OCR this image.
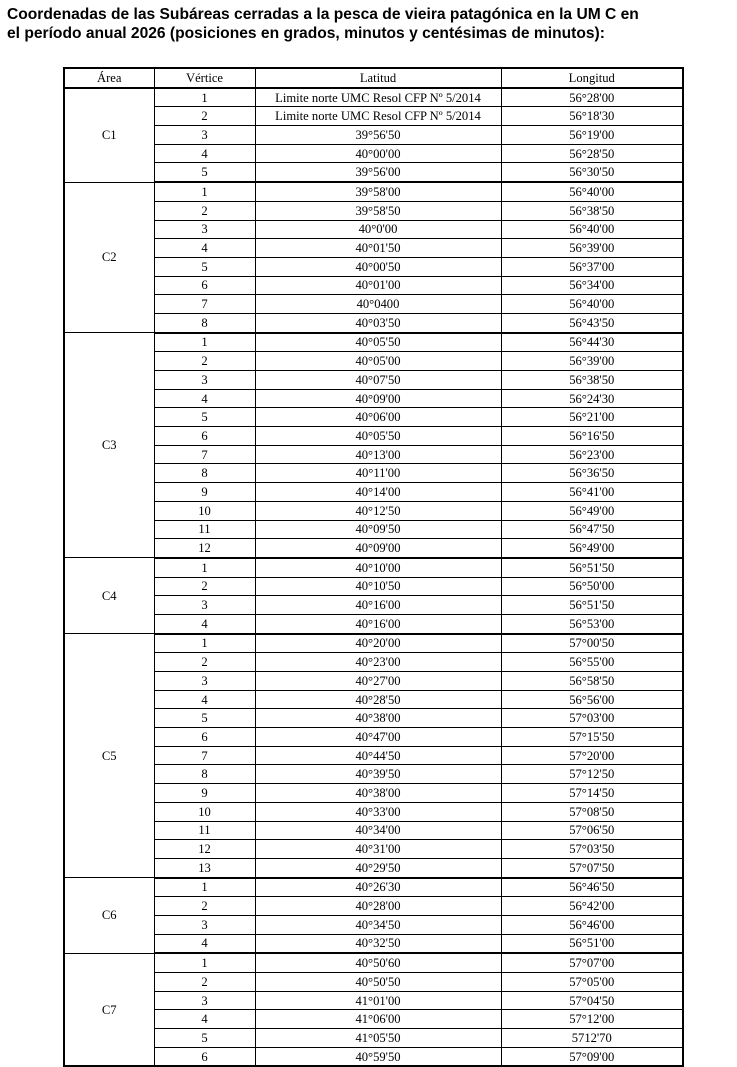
Coordenadas de las Subáreas cerradas a la pesca de vieira patagónica en la UM C en
el período anual 2026 (posiciones en grados, minutos y centésimas de minutos):
Área	Vértice	Latitud	Longitud
C1	1	Limite norte UMC Resol CFP Nº 5/2014	56°28'00
	2	Limite norte UMC Resol CFP Nº 5/2014	56°18'30
	3	39°56'50	56°19'00
	4	40°00'00	56°28'50
	5	39°56'00	56°30'50
C2	1	39°58'00	56°40'00
	2	39°58'50	56°38'50
	3	40°0'00	56°40'00
	4	40°01'50	56°39'00
	5	40°00'50	56°37'00
	6	40°01'00	56°34'00
	7	40°0400	56°40'00
	8	40°03'50	56°43'50
C3	1	40°05'50	56°44'30
	2	40°05'00	56°39'00
	3	40°07'50	56°38'50
	4	40°09'00	56°24'30
	5	40°06'00	56°21'00
	6	40°05'50	56°16'50
	7	40°13'00	56°23'00
	8	40°11'00	56°36'50
	9	40°14'00	56°41'00
	10	40°12'50	56°49'00
	11	40°09'50	56°47'50
	12	40°09'00	56°49'00
C4	1	40°10'00	56°51'50
	2	40°10'50	56°50'00
	3	40°16'00	56°51'50
	4	40°16'00	56°53'00
C5	1	40°20'00	57°00'50
	2	40°23'00	56°55'00
	3	40°27'00	56°58'50
	4	40°28'50	56°56'00
	5	40°38'00	57°03'00
	6	40°47'00	57°15'50
	7	40°44'50	57°20'00
	8	40°39'50	57°12'50
	9	40°38'00	57°14'50
	10	40°33'00	57°08'50
	11	40°34'00	57°06'50
	12	40°31'00	57°03'50
	13	40°29'50	57°07'50
C6	1	40°26'30	56°46'50
	2	40°28'00	56°42'00
	3	40°34'50	56°46'00
	4	40°32'50	56°51'00
C7	1	40°50'60	57°07'00
	2	40°50'50	57°05'00
	3	41°01'00	57°04'50
	4	41°06'00	57°12'00
	5	41°05'50	5712'70
	6	40°59'50	57°09'00
